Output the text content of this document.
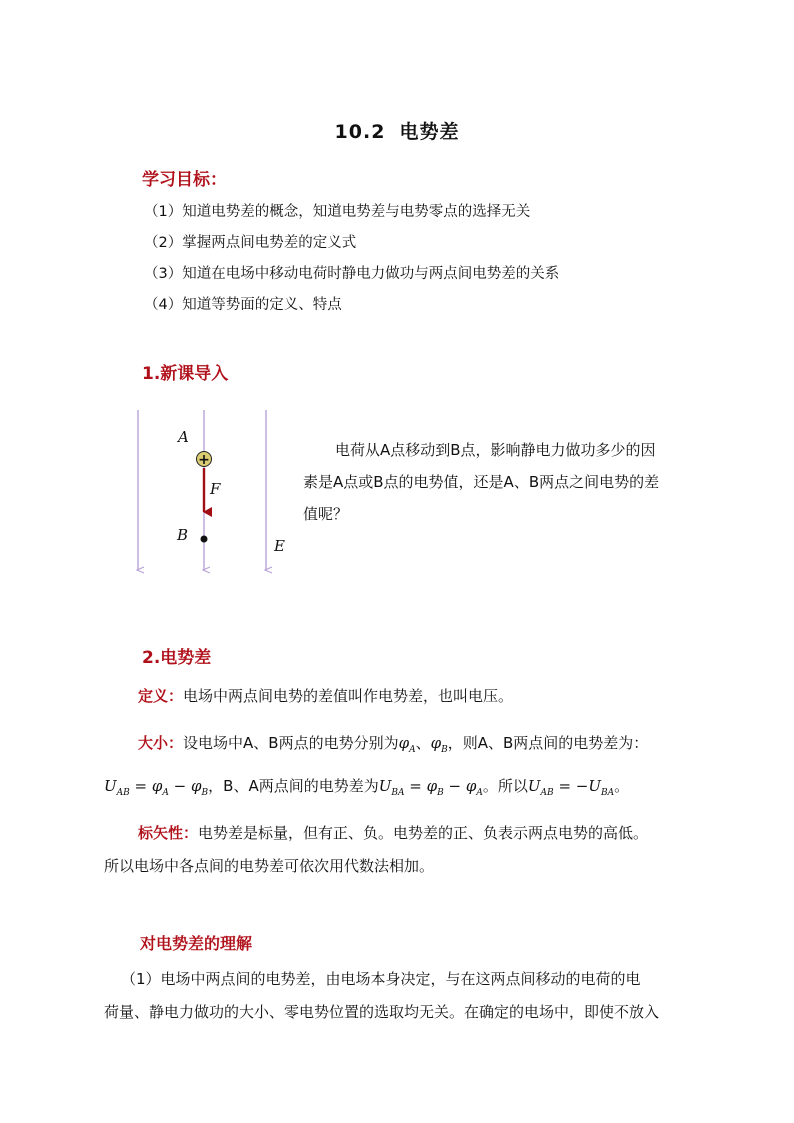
10.2 电势差
学习目标：
（1）知道电势差的概念，知道电势差与电势零点的选择无关
（2）掌握两点间电势差的定义式
（3）知道在电场中移动电荷时静电力做功与两点间电势差的关系
（4）知道等势面的定义、特点
1.新课导入
+
A
F
B
E
电荷从A点移动到B点，影响静电力做功多少的因
素是A点或B点的电势值，还是A、B两点之间电势的差
值呢？
2.电势差
定义：电场中两点间电势的差值叫作电势差，也叫电压。
大小：设电场中A、B两点的电势分别为$\varphi_A$、$\varphi_B$，则A、B两点间的电势差为：
$U_{AB} = \varphi_A - \varphi_B$，B、A两点间的电势差为$U_{BA} = \varphi_B - \varphi_A$。所以$U_{AB} = -U_{BA}$。
标矢性：电势差是标量，但有正、负。电势差的正、负表示两点电势的高低。
所以电场中各点间的电势差可依次用代数法相加。
对电势差的理解
（1）电场中两点间的电势差，由电场本身决定，与在这两点间移动的电荷的电
荷量、静电力做功的大小、零电势位置的选取均无关。在确定的电场中，即使不放入
